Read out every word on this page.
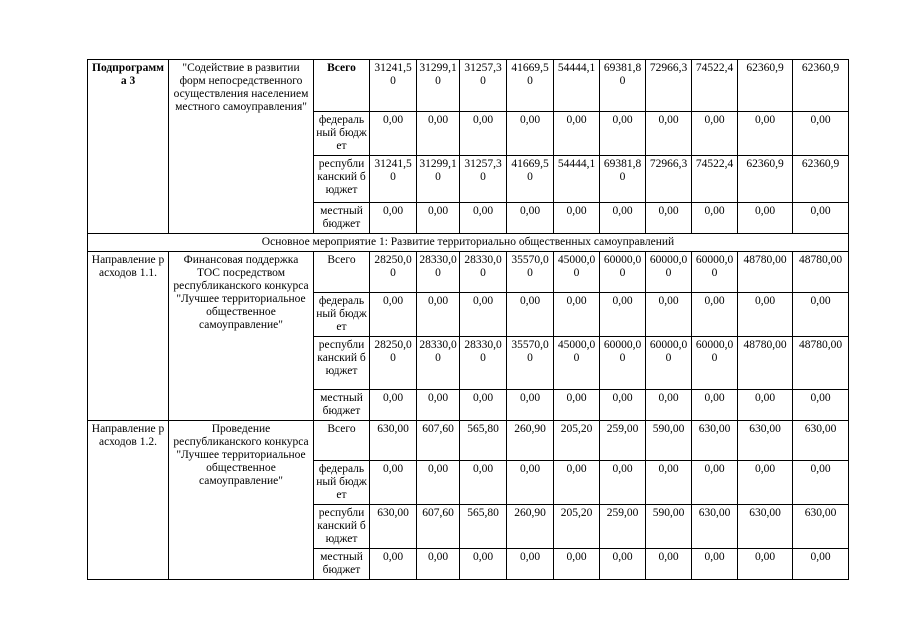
Подпрограмма 3	"Содействие в развитии форм непосредственного осуществления населением местного самоуправления"	Всего	31241,50	31299,10	31257,30	41669,50	54444,1	69381,80	72966,3	74522,4	62360,9	62360,9
		федеральный бюджет	0,00	0,00	0,00	0,00	0,00	0,00	0,00	0,00	0,00	0,00
		республиканский бюджет	31241,50	31299,10	31257,30	41669,50	54444,1	69381,80	72966,3	74522,4	62360,9	62360,9
		местный бюджет	0,00	0,00	0,00	0,00	0,00	0,00	0,00	0,00	0,00	0,00
Основное мероприятие 1: Развитие территориально общественных самоуправлений												
Направление расходов 1.1.	Финансовая поддержка ТОС посредством республиканского конкурса "Лучшее территориальное общественное самоуправление"	Всего	28250,00	28330,00	28330,00	35570,00	45000,00	60000,00	60000,00	60000,00	48780,00	48780,00
		федеральный бюджет	0,00	0,00	0,00	0,00	0,00	0,00	0,00	0,00	0,00	0,00
		республиканский бюджет	28250,00	28330,00	28330,00	35570,00	45000,00	60000,00	60000,00	60000,00	48780,00	48780,00
		местный бюджет	0,00	0,00	0,00	0,00	0,00	0,00	0,00	0,00	0,00	0,00
Направление расходов 1.2.	Проведение республиканского конкурса "Лучшее территориальное общественное самоуправление"	Всего	630,00	607,60	565,80	260,90	205,20	259,00	590,00	630,00	630,00	630,00
		федеральный бюджет	0,00	0,00	0,00	0,00	0,00	0,00	0,00	0,00	0,00	0,00
		республиканский бюджет	630,00	607,60	565,80	260,90	205,20	259,00	590,00	630,00	630,00	630,00
		местный бюджет	0,00	0,00	0,00	0,00	0,00	0,00	0,00	0,00	0,00	0,00
